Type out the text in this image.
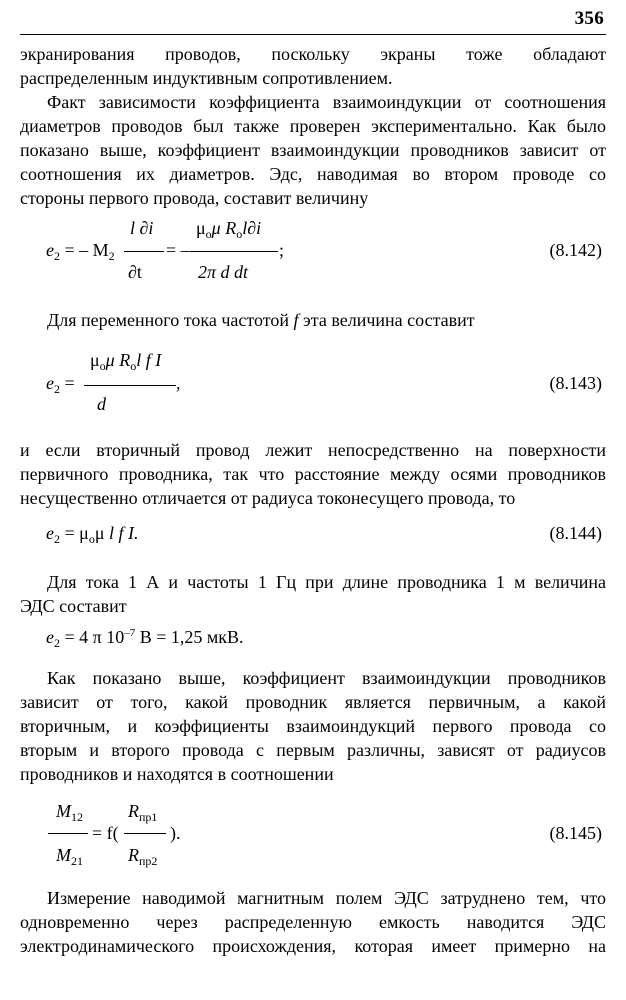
356
экранирования проводов, поскольку экраны тоже обладают
распределенным индуктивным сопротивлением.
Факт зависимости коэффициента взаимоиндукции от соотношения
диаметров проводов был также проверен экспериментально. Как было
показано выше, коэффициент взаимоиндукции проводников зависит от
соотношения их диаметров. Эдс, наводимая во втором проводе со
стороны первого провода, составит величину
l ∂i
∂t
$\mu_о\mu$ $R_оl\partial i$
2π d dt
$e_2$ = – $M_2$	= –	;	(8.142)
Для переменного тока частотой f эта величина составит
$\mu_о\mu$ $R_оl$ f I
d
$e_2$ =	,	(8.143)
и если вторичный провод лежит непосредственно на поверхности
первичного проводника, так что расстояние между осями проводников
несущественно отличается от радиуса токонесущего провода, то
$e_2 = \mu_о\mu$ l f I.	(8.144)
Для тока 1 А и частоты 1 Гц при длине проводника 1 м величина
ЭДС составит
$e_2 = 4$ π $10^{-7}$ В = 1,25 мкВ.
Как показано выше, коэффициент взаимоиндукции проводников
зависит от того, какой проводник является первичным, а какой
вторичным, и коэффициенты взаимоиндукций первого провода со
вторым и второго провода с первым различны, зависят от радиусов
проводников и находятся в соотношении
$M_{12}$
$M_{21}$
= f(
$R_{пр1}$
$R_{пр2}$
).	(8.145)
Измерение наводимой магнитным полем ЭДС затруднено тем, что
одновременно через распределенную емкость наводится ЭДС
электродинамического происхождения, которая имеет примерно на
